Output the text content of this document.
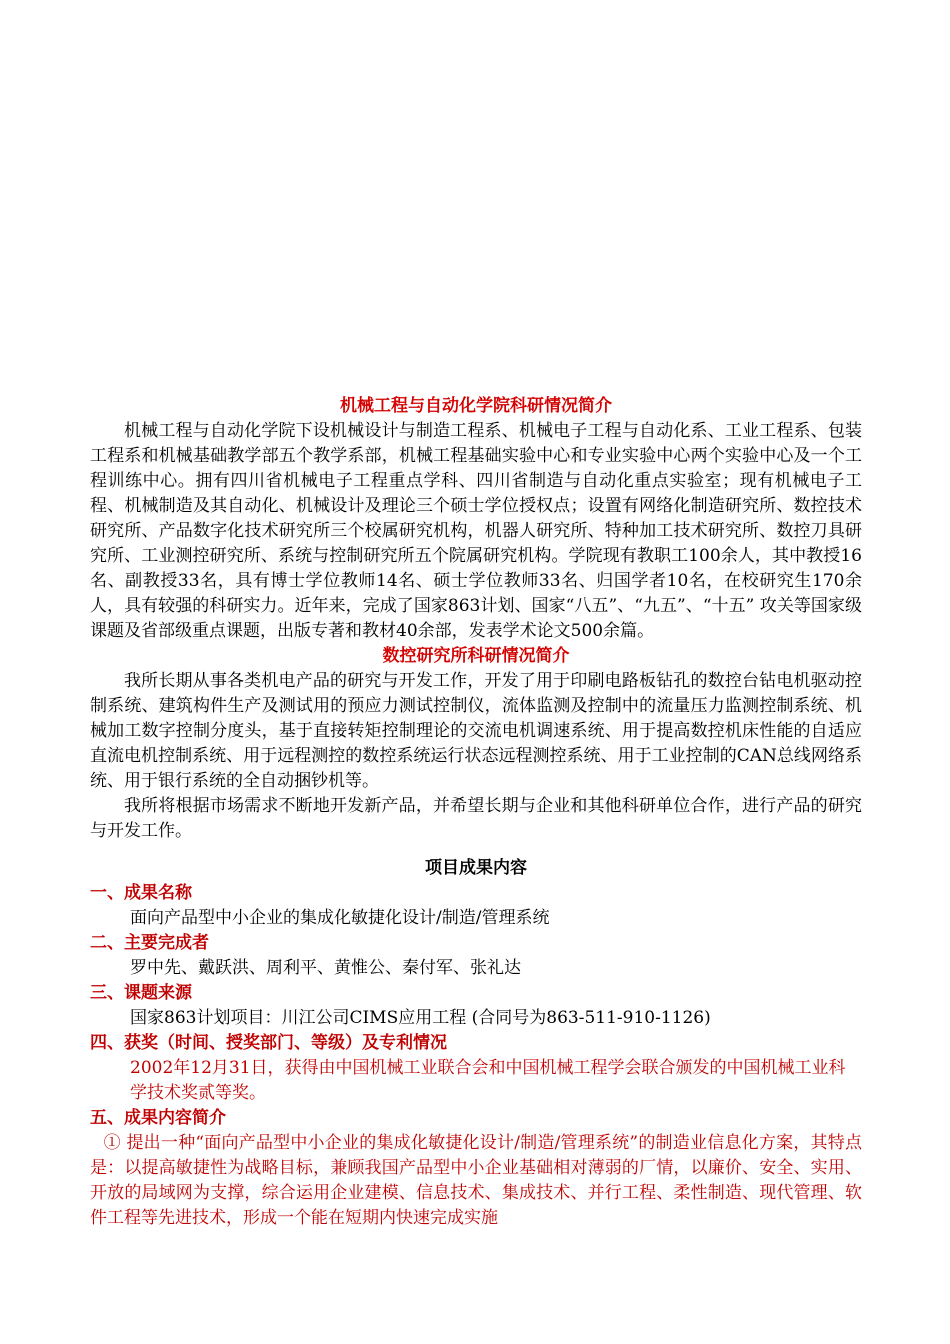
机械工程与自动化学院科研情况简介

机械工程与自动化学院下设机械设计与制造工程系、机械电子工程与自动化系、工业工程系、包装工程系和机械基础教学部五个教学系部，机械工程基础实验中心和专业实验中心两个实验中心及一个工程训练中心。拥有四川省机械电子工程重点学科、四川省制造与自动化重点实验室；现有机械电子工程、机械制造及其自动化、机械设计及理论三个硕士学位授权点；设置有网络化制造研究所、数控技术研究所、产品数字化技术研究所三个校属研究机构，机器人研究所、特种加工技术研究所、数控刀具研究所、工业测控研究所、系统与控制研究所五个院属研究机构。学院现有教职工100余人，其中教授16名、副教授33名，具有博士学位教师14名、硕士学位教师33名、归国学者10名，在校研究生170余人，具有较强的科研实力。近年来，完成了国家863计划、国家“八五”、“九五”、“十五” 攻关等国家级课题及省部级重点课题，出版专著和教材40余部，发表学术论文500余篇。

数控研究所科研情况简介

我所长期从事各类机电产品的研究与开发工作，开发了用于印刷电路板钻孔的数控台钻电机驱动控制系统、建筑构件生产及测试用的预应力测试控制仪，流体监测及控制中的流量压力监测控制系统、机械加工数字控制分度头，基于直接转矩控制理论的交流电机调速系统、用于提高数控机床性能的自适应直流电机控制系统、用于远程测控的数控系统运行状态远程测控系统、用于工业控制的CAN总线网络系统、用于银行系统的全自动捆钞机等。

我所将根据市场需求不断地开发新产品，并希望长期与企业和其他科研单位合作，进行产品的研究与开发工作。

项目成果内容

一、成果名称

面向产品型中小企业的集成化敏捷化设计/制造/管理系统

二、主要完成者

罗中先、戴跃洪、周利平、黄惟公、秦付军、张礼达

三、课题来源

国家863计划项目：川江公司CIMS应用工程 (合同号为863-511-910-1126)

四、获奖（时间、授奖部门、等级）及专利情况

2002年12月31日，获得由中国机械工业联合会和中国机械工程学会联合颁发的中国机械工业科学技术奖贰等奖。

五、成果内容简介

① 提出一种“面向产品型中小企业的集成化敏捷化设计/制造/管理系统”的制造业信息化方案，其特点是：以提高敏捷性为战略目标，兼顾我国产品型中小企业基础相对薄弱的厂情，以廉价、安全、实用、开放的局域网为支撑，综合运用企业建模、信息技术、集成技术、并行工程、柔性制造、现代管理、软件工程等先进技术，形成一个能在短期内快速完成实施
